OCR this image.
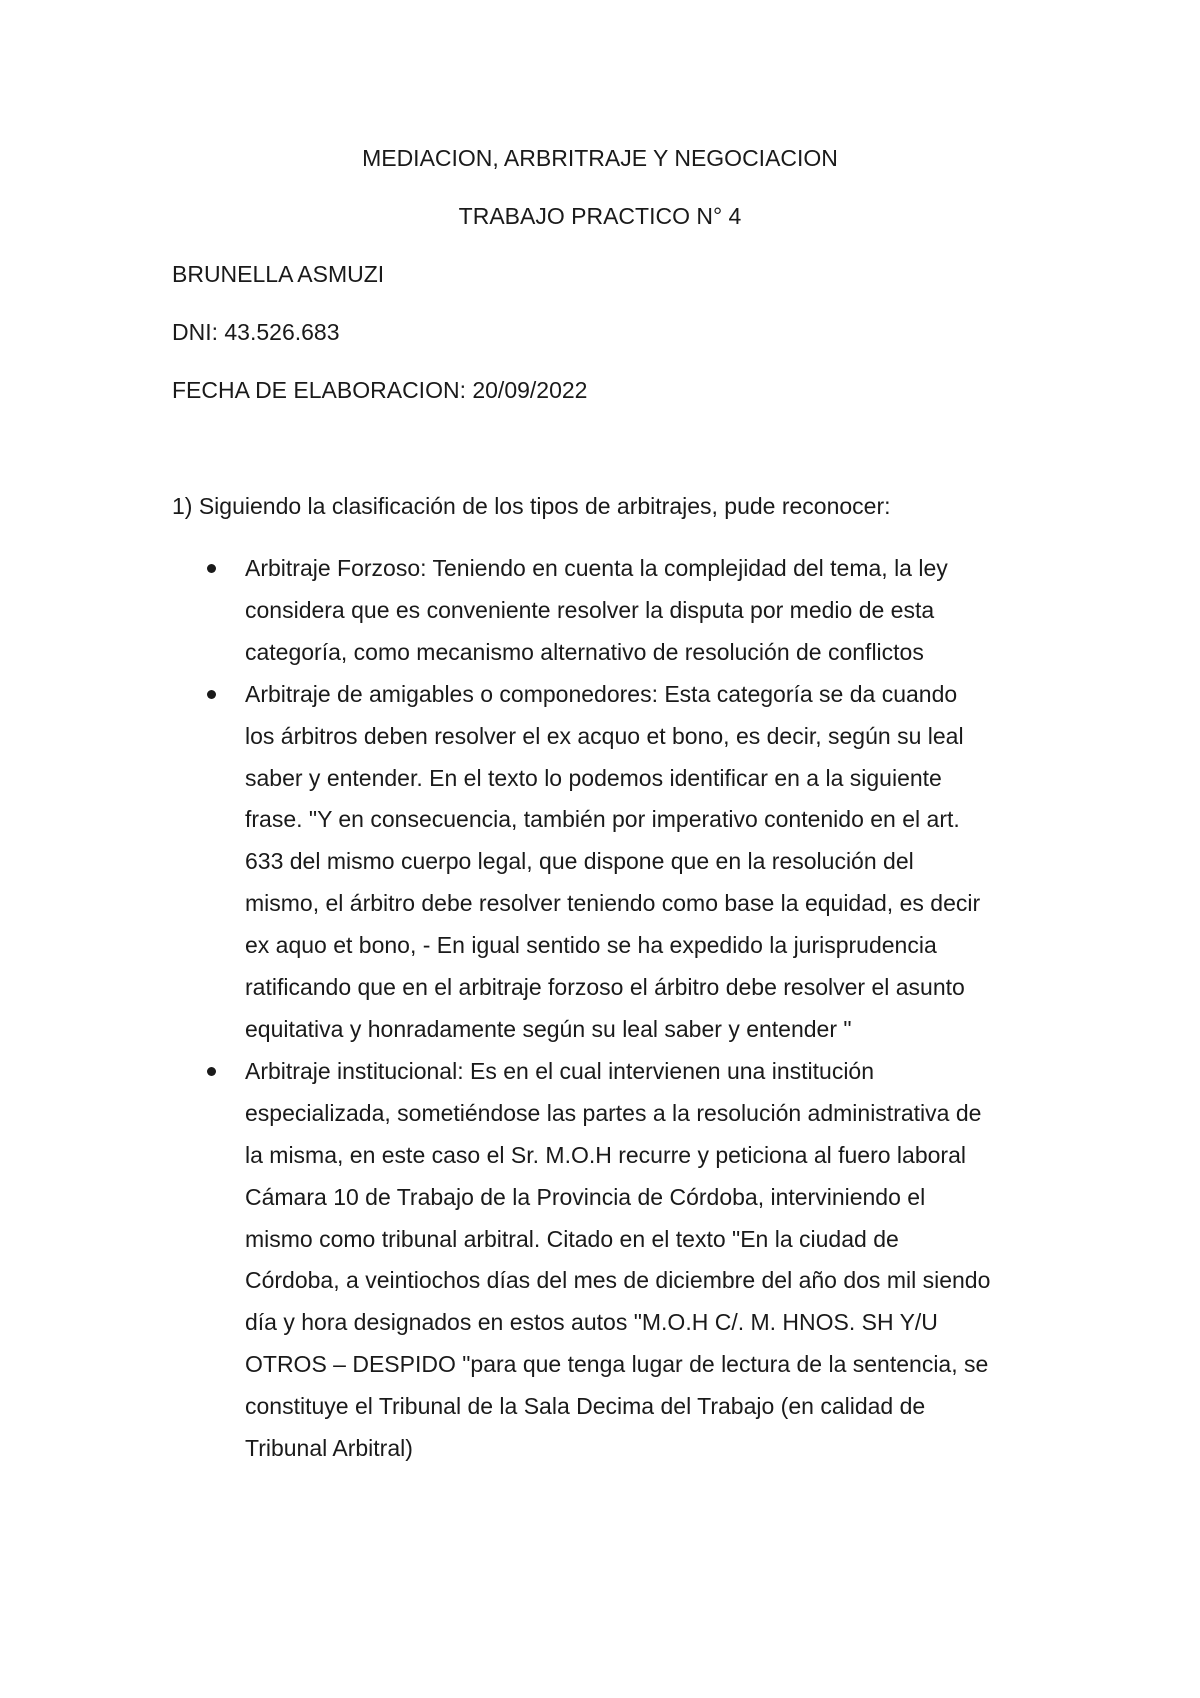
MEDIACION, ARBRITRAJE Y NEGOCIACION

TRABAJO PRACTICO N° 4

BRUNELLA ASMUZI

DNI: 43.526.683

FECHA DE ELABORACION: 20/09/2022

1) Siguiendo la clasificación de los tipos de arbitrajes, pude reconocer:

Arbitraje Forzoso: Teniendo en cuenta la complejidad del tema, la ley
considera que es conveniente resolver la disputa por medio de esta
categoría, como mecanismo alternativo de resolución de conflictos
Arbitraje de amigables o componedores: Esta categoría se da cuando
los árbitros deben resolver el ex acquo et bono, es decir, según su leal
saber y entender. En el texto lo podemos identificar en a la siguiente
frase. "Y en consecuencia, también por imperativo contenido en el art.
633 del mismo cuerpo legal, que dispone que en la resolución del
mismo, el árbitro debe resolver teniendo como base la equidad, es decir
ex aquo et bono, - En igual sentido se ha expedido la jurisprudencia
ratificando que en el arbitraje forzoso el árbitro debe resolver el asunto
equitativa y honradamente según su leal saber y entender "
Arbitraje institucional: Es en el cual intervienen una institución
especializada, sometiéndose las partes a la resolución administrativa de
la misma, en este caso el Sr. M.O.H recurre y peticiona al fuero laboral
Cámara 10 de Trabajo de la Provincia de Córdoba, interviniendo el
mismo como tribunal arbitral. Citado en el texto "En la ciudad de
Córdoba, a veintiochos días del mes de diciembre del año dos mil siendo
día y hora designados en estos autos "M.O.H C/. M. HNOS. SH Y/U
OTROS – DESPIDO "para que tenga lugar de lectura de la sentencia, se
constituye el Tribunal de la Sala Decima del Trabajo (en calidad de
Tribunal Arbitral)
